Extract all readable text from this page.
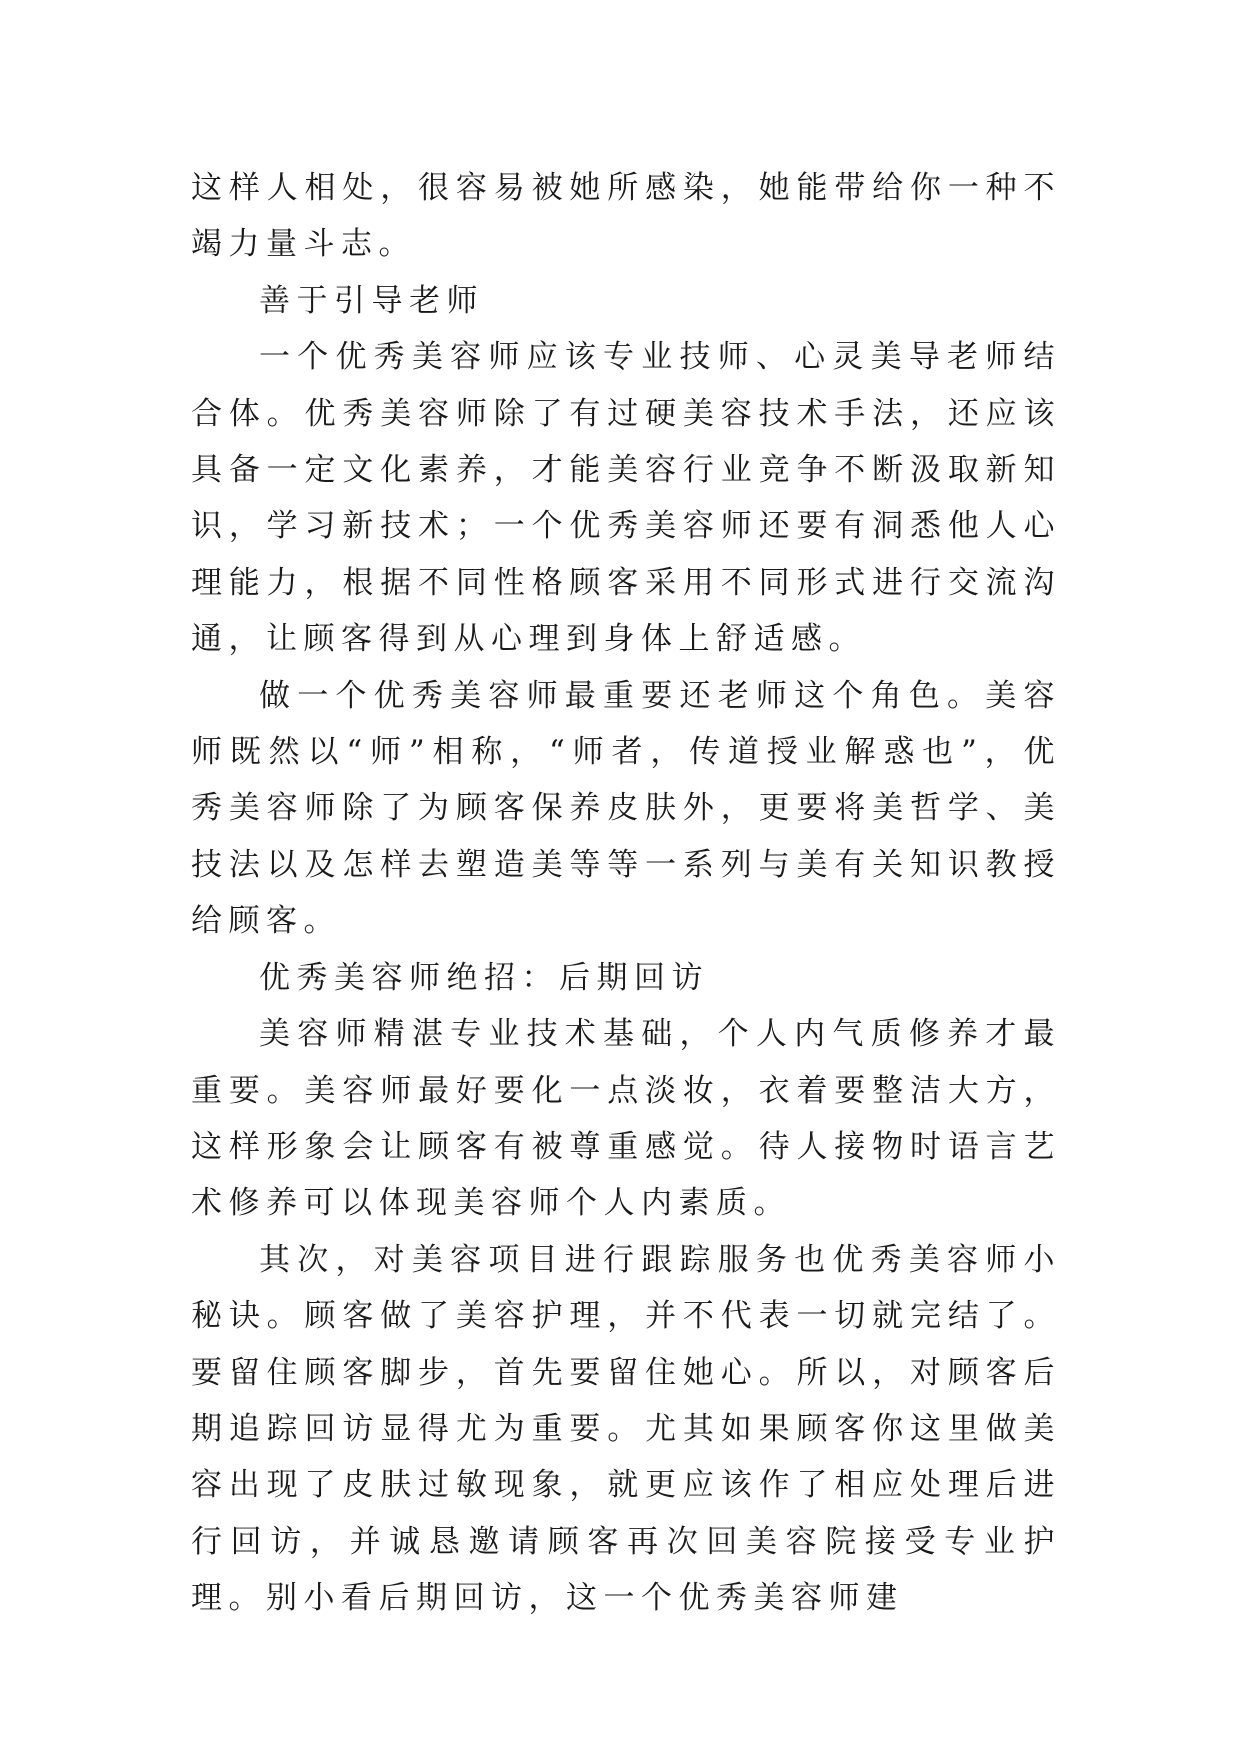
这样人相处，很容易被她所感染，她能带给你一种不竭力量斗志。

善于引导老师

一个优秀美容师应该专业技师、心灵美导老师结合体。优秀美容师除了有过硬美容技术手法，还应该具备一定文化素养，才能美容行业竞争不断汲取新知识，学习新技术；一个优秀美容师还要有洞悉他人心理能力，根据不同性格顾客采用不同形式进行交流沟通，让顾客得到从心理到身体上舒适感。

做一个优秀美容师最重要还老师这个角色。美容师既然以“师”相称，“师者，传道授业解惑也”，优秀美容师除了为顾客保养皮肤外，更要将美哲学、美技法以及怎样去塑造美等等一系列与美有关知识教授给顾客。

优秀美容师绝招：后期回访

美容师精湛专业技术基础，个人内气质修养才最重要。美容师最好要化一点淡妆，衣着要整洁大方，这样形象会让顾客有被尊重感觉。待人接物时语言艺术修养可以体现美容师个人内素质。

其次，对美容项目进行跟踪服务也优秀美容师小秘诀。顾客做了美容护理，并不代表一切就完结了。要留住顾客脚步，首先要留住她心。所以，对顾客后期追踪回访显得尤为重要。尤其如果顾客你这里做美容出现了皮肤过敏现象，就更应该作了相应处理后进行回访，并诚恳邀请顾客再次回美容院接受专业护理。别小看后期回访，这一个优秀美容师建
